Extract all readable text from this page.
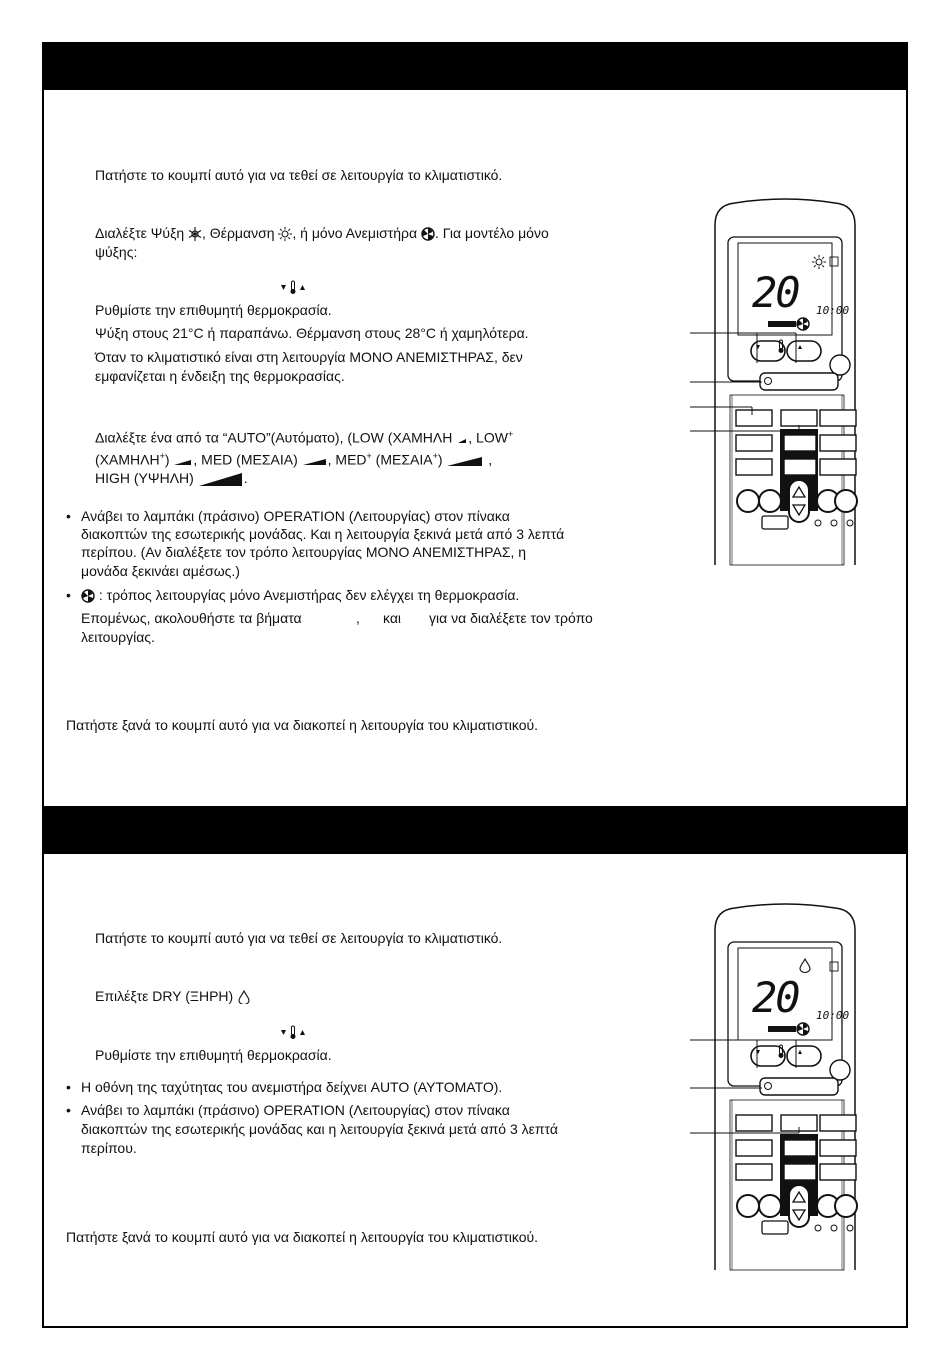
Πατήστε το κουμπί αυτό για να τεθεί σε λειτουργία το κλιματιστικό.
Διαλέξτε Ψύξη , Θέρμανση , ή μόνο Ανεμιστήρα . Για μοντέλο μόνο
ψύξης:
Ρυθμίστε την επιθυμητή θερμοκρασία.
Ψύξη στους 21°C ή παραπάνω. Θέρμανση στους 28°C ή χαμηλότερα.
Όταν το κλιματιστικό είναι στη λειτουργία ΜΟΝΟ ΑΝΕΜΙΣΤΗΡΑΣ, δεν
εμφανίζεται η ένδειξη της θερμοκρασίας.
Διαλέξτε ένα από τα “AUTO”(Αυτόματο), (LOW (ΧΑΜΗΛΗ , LOW+
(ΧΑΜΗΛΗ+) , MED (ΜΕΣΑΙΑ) , MED+ (ΜΕΣΑΙΑ+)	,
HIGH (ΥΨΗΛΗ)	.
• Ανάβει το λαμπάκι (πράσινο) OPERATION (Λειτουργίας) στον πίνακα
διακοπτών της εσωτερικής μονάδας. Και η λειτουργία ξεκινά μετά από 3 λεπτά
περίπου. (Αν διαλέξετε τον τρόπο λειτουργίας ΜΟΝΟ ΑΝΕΜΙΣΤΗΡΑΣ, η
μονάδα ξεκινάει αμέσως.)
•	: τρόπος λειτουργίας μόνο Ανεμιστήρας δεν ελέγχει τη θερμοκρασία.
Επομένως, ακολουθήστε τα βήματα	, και για να διαλέξετε τον τρόπο
λειτουργίας.
Πατήστε ξανά το κουμπί αυτό για να διακοπεί η λειτουργία του κλιματιστικού.
20 10:00
Πατήστε το κουμπί αυτό για να τεθεί σε λειτουργία το κλιματιστικό.
Επιλέξτε DRY (ΞΗΡΗ)
Ρυθμίστε την επιθυμητή θερμοκρασία.
• Η οθόνη της ταχύτητας του ανεμιστήρα δείχνει AUTO (ΑΥΤΟΜΑΤΟ).
• Ανάβει το λαμπάκι (πράσινο) OPERATION (Λειτουργίας) στον πίνακα
διακοπτών της εσωτερικής μονάδας και η λειτουργία ξεκινά μετά από 3 λεπτά
περίπου.
Πατήστε ξανά το κουμπί αυτό για να διακοπεί η λειτουργία του κλιματιστικού.
20 10:00
